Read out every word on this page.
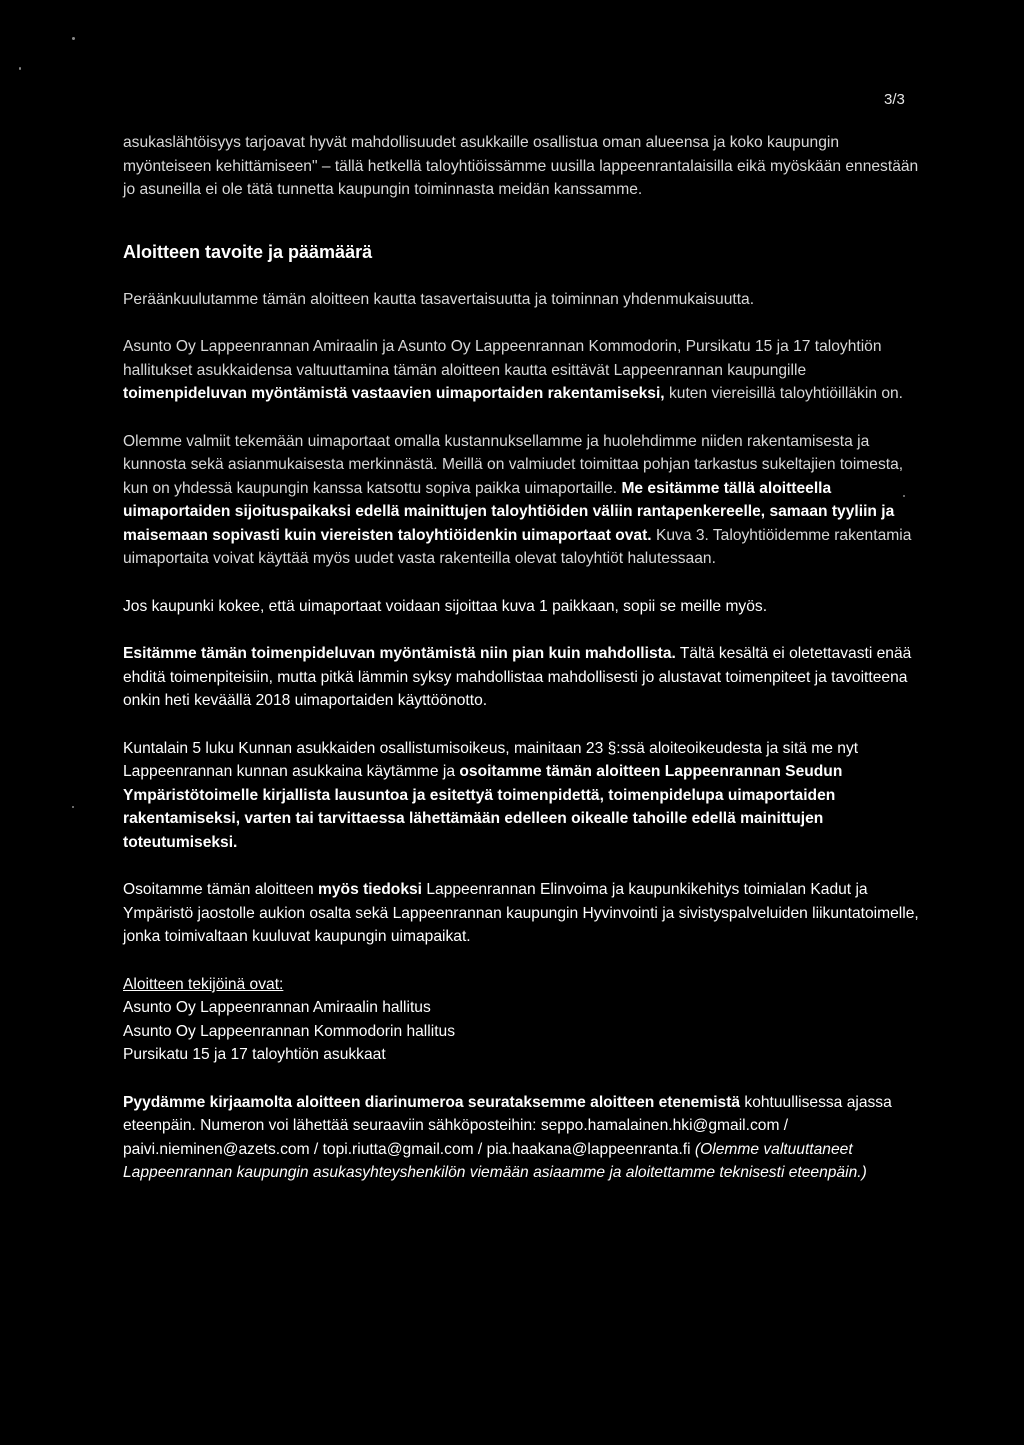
3/3

asukaslähtöisyys tarjoavat hyvät mahdollisuudet asukkaille osallistua oman alueensa ja koko kaupungin myönteiseen kehittämiseen" – tällä hetkellä taloyhtiöissämme uusilla lappeenrantalaisilla eikä myöskään ennestään jo asuneilla ei ole tätä tunnetta kaupungin toiminnasta meidän kanssamme.

Aloitteen tavoite ja päämäärä

Peräänkuulutamme tämän aloitteen kautta tasavertaisuutta ja toiminnan yhdenmukaisuutta.

Asunto Oy Lappeenrannan Amiraalin ja Asunto Oy Lappeenrannan Kommodorin, Pursikatu 15 ja 17 taloyhtiön hallitukset asukkaidensa valtuuttamina tämän aloitteen kautta esittävät Lappeenrannan kaupungille toimenpideluvan myöntämistä vastaavien uimaportaiden rakentamiseksi, kuten viereisillä taloyhtiöilläkin on.

Olemme valmiit tekemään uimaportaat omalla kustannuksellamme ja huolehdimme niiden rakentamisesta ja kunnosta sekä asianmukaisesta merkinnästä. Meillä on valmiudet toimittaa pohjan tarkastus sukeltajien toimesta, kun on yhdessä kaupungin kanssa katsottu sopiva paikka uimaportaille. Me esitämme tällä aloitteella uimaportaiden sijoituspaikaksi edellä mainittujen taloyhtiöiden väliin rantapenkereelle, samaan tyyliin ja maisemaan sopivasti kuin viereisten taloyhtiöidenkin uimaportaat ovat. Kuva 3. Taloyhtiöidemme rakentamia uimaportaita voivat käyttää myös uudet vasta rakenteilla olevat taloyhtiöt halutessaan.

Jos kaupunki kokee, että uimaportaat voidaan sijoittaa kuva 1 paikkaan, sopii se meille myös.

Esitämme tämän toimenpideluvan myöntämistä niin pian kuin mahdollista. Tältä kesältä ei oletettavasti enää ehditä toimenpiteisiin, mutta pitkä lämmin syksy mahdollistaa mahdollisesti jo alustavat toimenpiteet ja tavoitteena onkin heti keväällä 2018 uimaportaiden käyttöönotto.

Kuntalain 5 luku Kunnan asukkaiden osallistumisoikeus, mainitaan 23 §:ssä aloiteoikeudesta ja sitä me nyt Lappeenrannan kunnan asukkaina käytämme ja osoitamme tämän aloitteen Lappeenrannan Seudun Ympäristötoimelle kirjallista lausuntoa ja esitettyä toimenpidettä, toimenpidelupa uimaportaiden rakentamiseksi, varten tai tarvittaessa lähettämään edelleen oikealle tahoille edellä mainittujen toteutumiseksi.

Osoitamme tämän aloitteen myös tiedoksi Lappeenrannan Elinvoima ja kaupunkikehitys toimialan Kadut ja Ympäristö jaostolle aukion osalta sekä Lappeenrannan kaupungin Hyvinvointi ja sivistyspalveluiden liikuntatoimelle, jonka toimivaltaan kuuluvat kaupungin uimapaikat.

Aloitteen tekijöinä ovat:

Asunto Oy Lappeenrannan Amiraalin hallitus

Asunto Oy Lappeenrannan Kommodorin hallitus

Pursikatu 15 ja 17 taloyhtiön asukkaat

Pyydämme kirjaamolta aloitteen diarinumeroa seurataksemme aloitteen etenemistä kohtuullisessa ajassa eteenpäin. Numeron voi lähettää seuraaviin sähköposteihin: seppo.hamalainen.hki@gmail.com / paivi.nieminen@azets.com / topi.riutta@gmail.com / pia.haakana@lappeenranta.fi (Olemme valtuuttaneet Lappeenrannan kaupungin asukasyhteyshenkilön viemään asiaamme ja aloitettamme teknisesti eteenpäin.)
